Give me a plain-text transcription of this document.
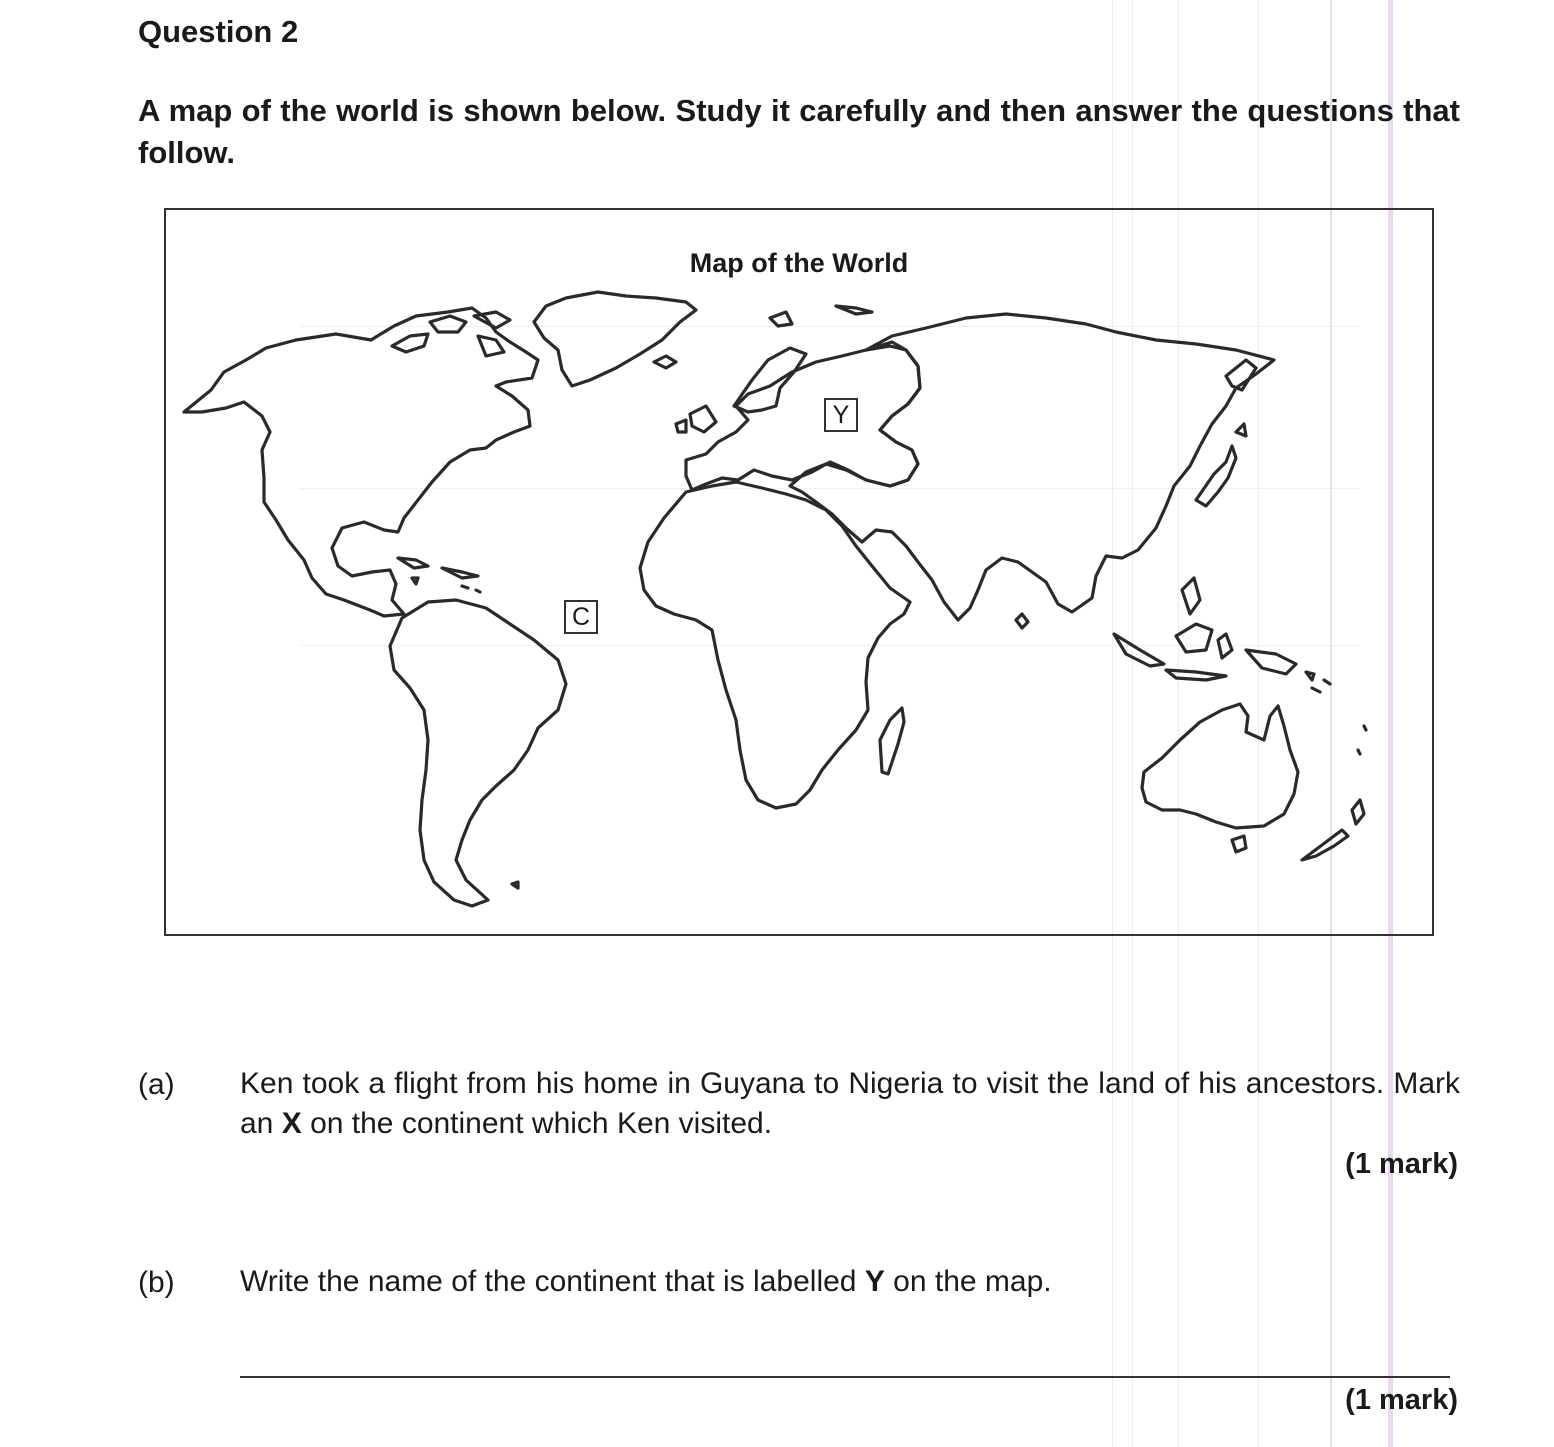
Question 2
A map of the world is shown below. Study it carefully and then answer the questions that follow.
Map of the World
C
Y
(a) Ken took a flight from his home in Guyana to Nigeria to visit the land of his ancestors. Mark an X on the continent which Ken visited.
(1 mark)
(b) Write the name of the continent that is labelled Y on the map.
(1 mark)
